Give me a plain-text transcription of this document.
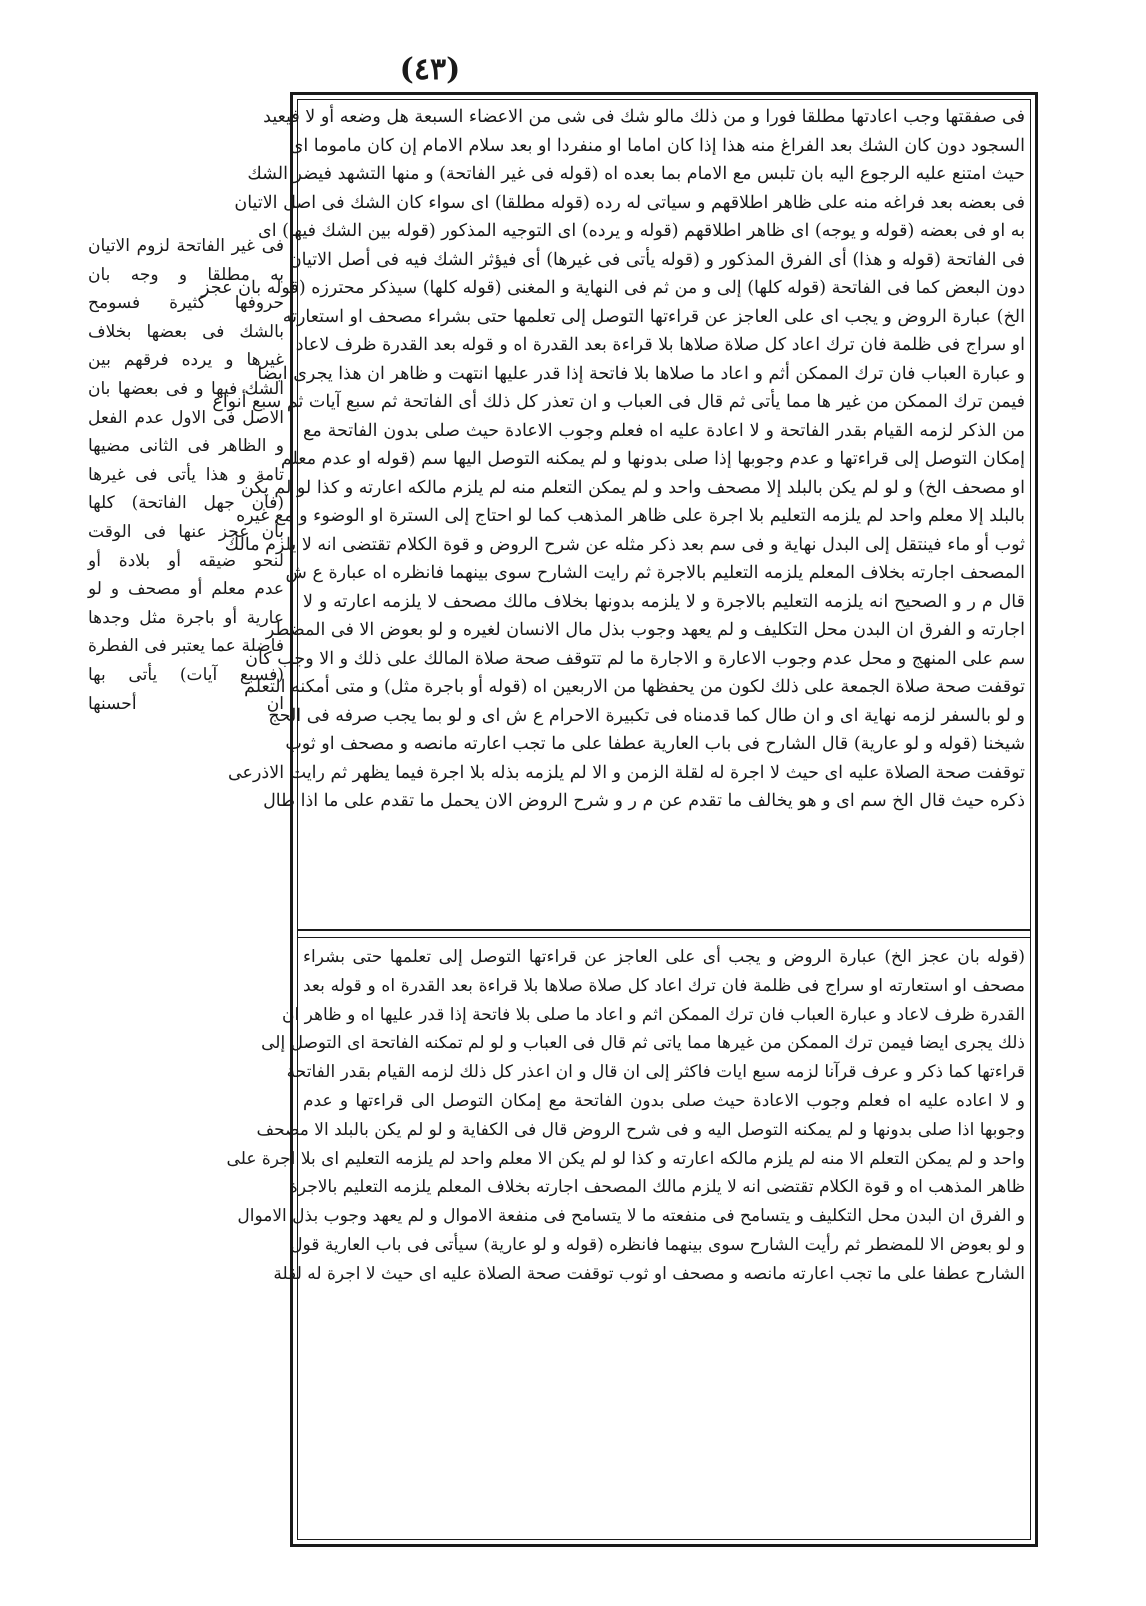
(٤٣)
فى غير الفاتحة لزوم الاتيان
به مطلقا و وجه بان
حروفها كثيرة فسومح
بالشك فى بعضها بخلاف
غيرها و يرده فرقهم بين
الشك فيها و فى بعضها بان
الاصل فى الاول عدم الفعل
و الظاهر فى الثانى مضيها
تامة و هذا يأتى فى غيرها
(فان جهل الفاتحة) كلها
بأن عجز عنها فى الوقت
لنحو ضيقه أو بلادة أو
عدم معلم أو مصحف و لو
عارية أو باجرة مثل وجدها
فاضلة عما يعتبر فى الفطرة
(فسبع آيات) يأتى بها
ان أحسنها
فى صفقتها وجب اعادتها مطلقا فورا و من ذلك مالو شك فى شى من الاعضاء السبعة هل وضعه أو لا فيعيد
السجود دون كان الشك بعد الفراغ منه هذا إذا كان اماما او منفردا او بعد سلام الامام إن كان ماموما اى
حيث امتنع عليه الرجوع اليه بان تلبس مع الامام بما بعده اه (قوله فى غير الفاتحة) و منها التشهد فيضر الشك
فى بعضه بعد فراغه منه على ظاهر اطلاقهم و سياتى له رده (قوله مطلقا) اى سواء كان الشك فى اصل الاتيان
به او فى بعضه (قوله و يوجه) اى ظاهر اطلاقهم (قوله و يرده) اى التوجيه المذكور (قوله بين الشك فيها) اى
فى الفاتحة (قوله و هذا) أى الفرق المذكور و (قوله يأتى فى غيرها) أى فيؤثر الشك فيه فى أصل الاتيان
دون البعض كما فى الفاتحة (قوله كلها) إلى و من ثم فى النهاية و المغنى (قوله كلها) سيذكر محترزه (قوله بان عجز
الخ) عبارة الروض و يجب اى على العاجز عن قراءتها التوصل إلى تعلمها حتى بشراء مصحف او استعارته
او سراج فى ظلمة فان ترك اعاد كل صلاة صلاها بلا قراءة بعد القدرة اه و قوله بعد القدرة ظرف لاعاد
و عبارة العباب فان ترك الممكن أثم و اعاد ما صلاها بلا فاتحة إذا قدر عليها انتهت و ظاهر ان هذا يجرى ايضا
فيمن ترك الممكن من غير ها مما يأتى ثم قال فى العباب و ان تعذر كل ذلك أى الفاتحة ثم سبع آيات ثم سبع أنواع
من الذكر لزمه القيام بقدر الفاتحة و لا اعادة عليه اه فعلم وجوب الاعادة حيث صلى بدون الفاتحة مع
إمكان التوصل إلى قراءتها و عدم وجوبها إذا صلى بدونها و لم يمكنه التوصل اليها سم (قوله او عدم معلم
او مصحف الخ) و لو لم يكن بالبلد إلا مصحف واحد و لم يمكن التعلم منه لم يلزم مالكه اعارته و كذا لو لم يكن
بالبلد إلا معلم واحد لم يلزمه التعليم بلا اجرة على ظاهر المذهب كما لو احتاج إلى السترة او الوضوء و مع غيره
ثوب أو ماء فينتقل إلى البدل نهاية و فى سم بعد ذكر مثله عن شرح الروض و قوة الكلام تقتضى انه لا يلزم مالك
المصحف اجارته بخلاف المعلم يلزمه التعليم بالاجرة ثم رايت الشارح سوى بينهما فانظره اه عبارة ع ش
قال م ر و الصحيح انه يلزمه التعليم بالاجرة و لا يلزمه بدونها بخلاف مالك مصحف لا يلزمه اعارته و لا
اجارته و الفرق ان البدن محل التكليف و لم يعهد وجوب بذل مال الانسان لغيره و لو بعوض الا فى المضطر
سم على المنهج و محل عدم وجوب الاعارة و الاجارة ما لم تتوقف صحة صلاة المالك على ذلك و الا وجب كان
توقفت صحة صلاة الجمعة على ذلك لكون من يحفظها من الاربعين اه (قوله أو باجرة مثل) و متى أمكنه التعلم
و لو بالسفر لزمه نهاية اى و ان طال كما قدمناه فى تكبيرة الاحرام ع ش اى و لو بما يجب صرفه فى الحج
شيخنا (قوله و لو عارية) قال الشارح فى باب العارية عطفا على ما تجب اعارته مانصه و مصحف او ثوب
توقفت صحة الصلاة عليه اى حيث لا اجرة له لقلة الزمن و الا لم يلزمه بذله بلا اجرة فيما يظهر ثم رايت الاذرعى
ذكره حيث قال الخ سم اى و هو يخالف ما تقدم عن م ر و شرح الروض الان يحمل ما تقدم على ما اذا طال
(قوله بان عجز الخ) عبارة الروض و يجب أى على العاجز عن قراءتها التوصل إلى تعلمها حتى بشراء
مصحف او استعارته او سراج فى ظلمة فان ترك اعاد كل صلاة صلاها بلا قراءة بعد القدرة اه و قوله بعد
القدرة ظرف لاعاد و عبارة العباب فان ترك الممكن اثم و اعاد ما صلى بلا فاتحة إذا قدر عليها اه و ظاهر ان
ذلك يجرى ايضا فيمن ترك الممكن من غيرها مما ياتى ثم قال فى العباب و لو لم تمكنه الفاتحة اى التوصل إلى
قراءتها كما ذكر و عرف قرآنا لزمه سبع ايات فاكثر إلى ان قال و ان اعذر كل ذلك لزمه القيام بقدر الفاتحة
و لا اعاده عليه اه فعلم وجوب الاعادة حيث صلى بدون الفاتحة مع إمكان التوصل الى قراءتها و عدم
وجوبها اذا صلى بدونها و لم يمكنه التوصل اليه و فى شرح الروض قال فى الكفاية و لو لم يكن بالبلد الا مصحف
واحد و لم يمكن التعلم الا منه لم يلزم مالكه اعارته و كذا لو لم يكن الا معلم واحد لم يلزمه التعليم اى بلا اجرة على
ظاهر المذهب اه و قوة الكلام تقتضى انه لا يلزم مالك المصحف اجارته بخلاف المعلم يلزمه التعليم بالاجرة
و الفرق ان البدن محل التكليف و يتسامح فى منفعته ما لا يتسامح فى منفعة الاموال و لم يعهد وجوب بذل الاموال
و لو بعوض الا للمضطر ثم رأيت الشارح سوى بينهما فانظره (قوله و لو عارية) سيأتى فى باب العارية قول
الشارح عطفا على ما تجب اعارته مانصه و مصحف او ثوب توقفت صحة الصلاة عليه اى حيث لا اجرة له لقلة
